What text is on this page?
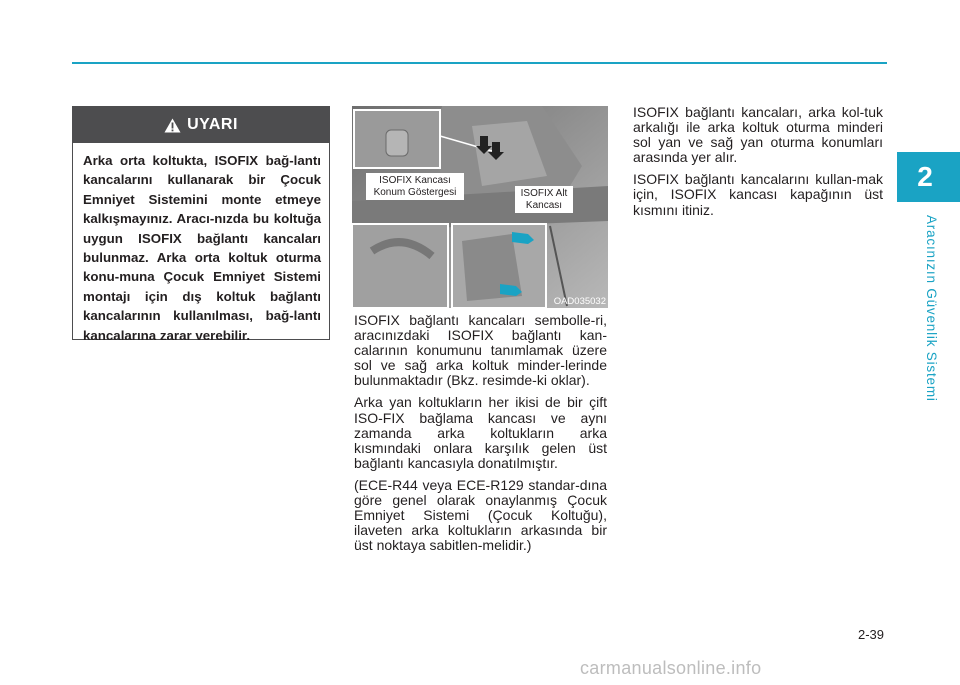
2
Aracınızın Güvenlik Sistemi
UYARI

Arka orta koltukta, ISOFIX bağ-lantı kancalarını kullanarak bir Çocuk Emniyet Sistemini monte etmeye kalkışmayınız. Aracı-nızda bu koltuğa uygun ISOFIX bağlantı kancaları bulunmaz. Arka orta koltuk oturma konu-muna Çocuk Emniyet Sistemi montajı için dış koltuk bağlantı kancalarının kullanılması, bağ-lantı kancalarına zarar verebilir.

ISOFIX Kancası Konum Göstergesi	ISOFIX Alt Kancası
OAD035032

ISOFIX bağlantı kancaları sembolle-ri, aracınızdaki ISOFIX bağlantı kan-calarının konumunu tanımlamak üzere sol ve sağ arka koltuk minder-lerinde bulunmaktadır (Bkz. resimde-ki oklar).

Arka yan koltukların her ikisi de bir çift ISO-FIX bağlama kancası ve aynı zamanda arka koltukların arka kısmındaki onlara karşılık gelen üst bağlantı kancasıyla donatılmıştır.

(ECE-R44 veya ECE-R129 standar-dına göre genel olarak onaylanmış Çocuk Emniyet Sistemi (Çocuk Koltuğu), ilaveten arka koltukların arkasında bir üst noktaya sabitlen-melidir.)

ISOFIX bağlantı kancaları, arka kol-tuk arkalığı ile arka koltuk oturma minderi sol yan ve sağ yan oturma konumları arasında yer alır.

ISOFIX bağlantı kancalarını kullan-mak için, ISOFIX kancası kapağının üst kısmını itiniz.

2-39
carmanualsonline.info
